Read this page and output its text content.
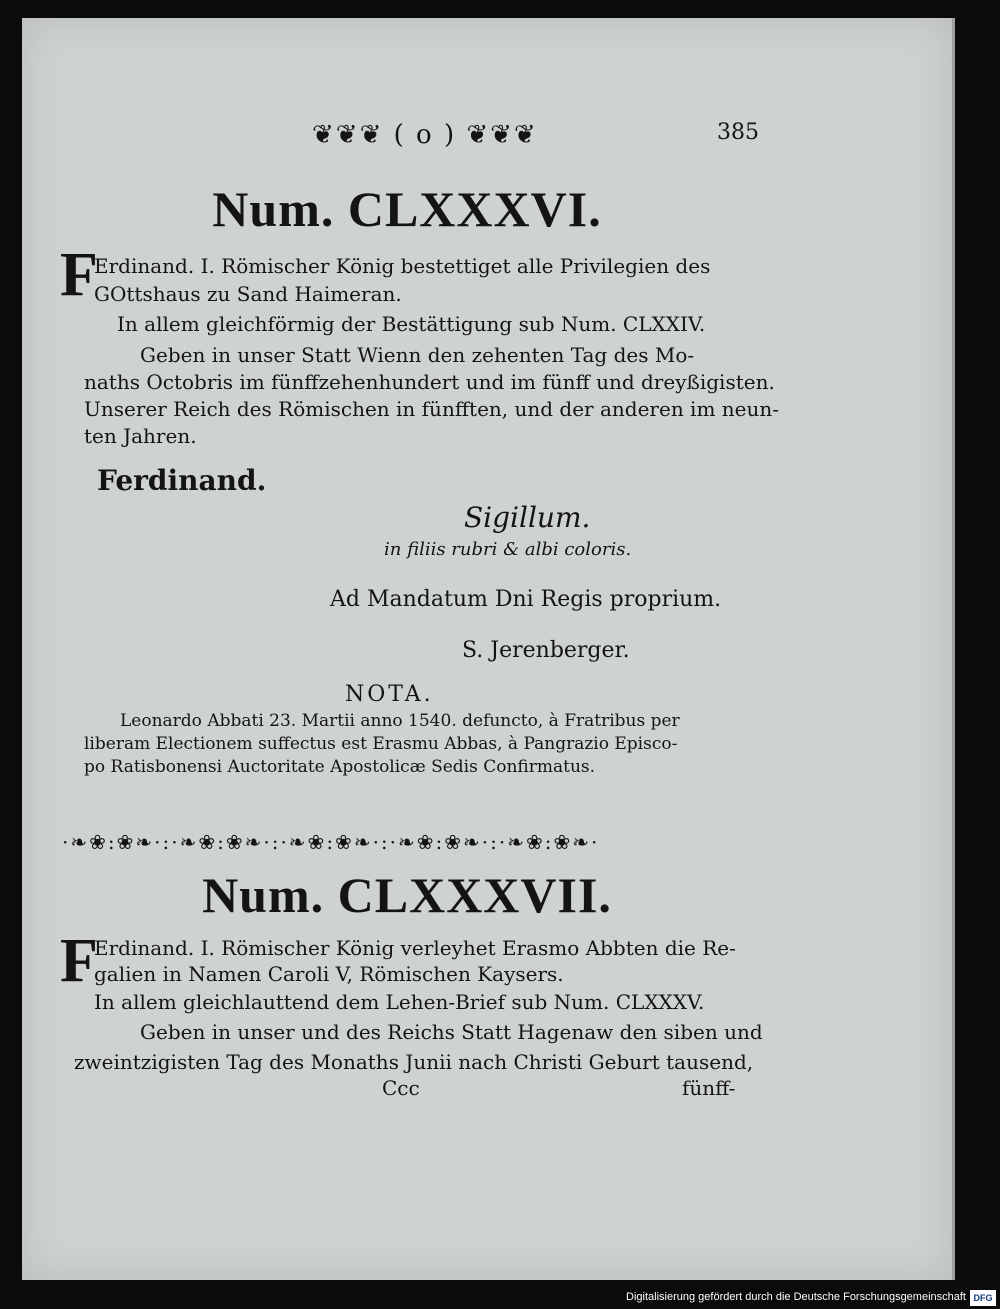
❦❦❦ ( o ) ❦❦❦	385
Num. CLXXXVI.
F
Erdinand. I. Römischer König bestettiget alle Privilegien des
GOttshaus zu Sand Haimeran.
In allem gleichförmig der Bestättigung sub Num. CLXXIV.
Geben in unser Statt Wienn den zehenten Tag des Mo-
naths Octobris im fünffzehenhundert und im fünff und dreyßigisten.
Unserer Reich des Römischen in fünfften, und der anderen im neun-
ten Jahren.
Ferdinand.
Sigillum.
in filiis rubri & albi coloris.
Ad Mandatum Dni Regis proprium.
S. Jerenberger.
NOTA.
Leonardo Abbati 23. Martii anno 1540. defuncto, à Fratribus per
liberam Electionem suffectus est Erasmu Abbas, à Pangrazio Episco-
po Ratisbonensi Auctoritate Apostolicæ Sedis Confirmatus.
·❧❀:❀❧·:·❧❀:❀❧·:·❧❀:❀❧·:·❧❀:❀❧·:·❧❀:❀❧·
Num. CLXXXVII.
F
Erdinand. I. Römischer König verleyhet Erasmo Abbten die Re-
galien in Namen Caroli V, Römischen Kaysers.
In allem gleichlauttend dem Lehen-Brief sub Num. CLXXXV.
Geben in unser und des Reichs Statt Hagenaw den siben und
zweintzigisten Tag des Monaths Junii nach Christi Geburt tausend,
Ccc	fünff-
Digitalisierung gefördert durch die Deutsche Forschungsgemeinschaft DFG
